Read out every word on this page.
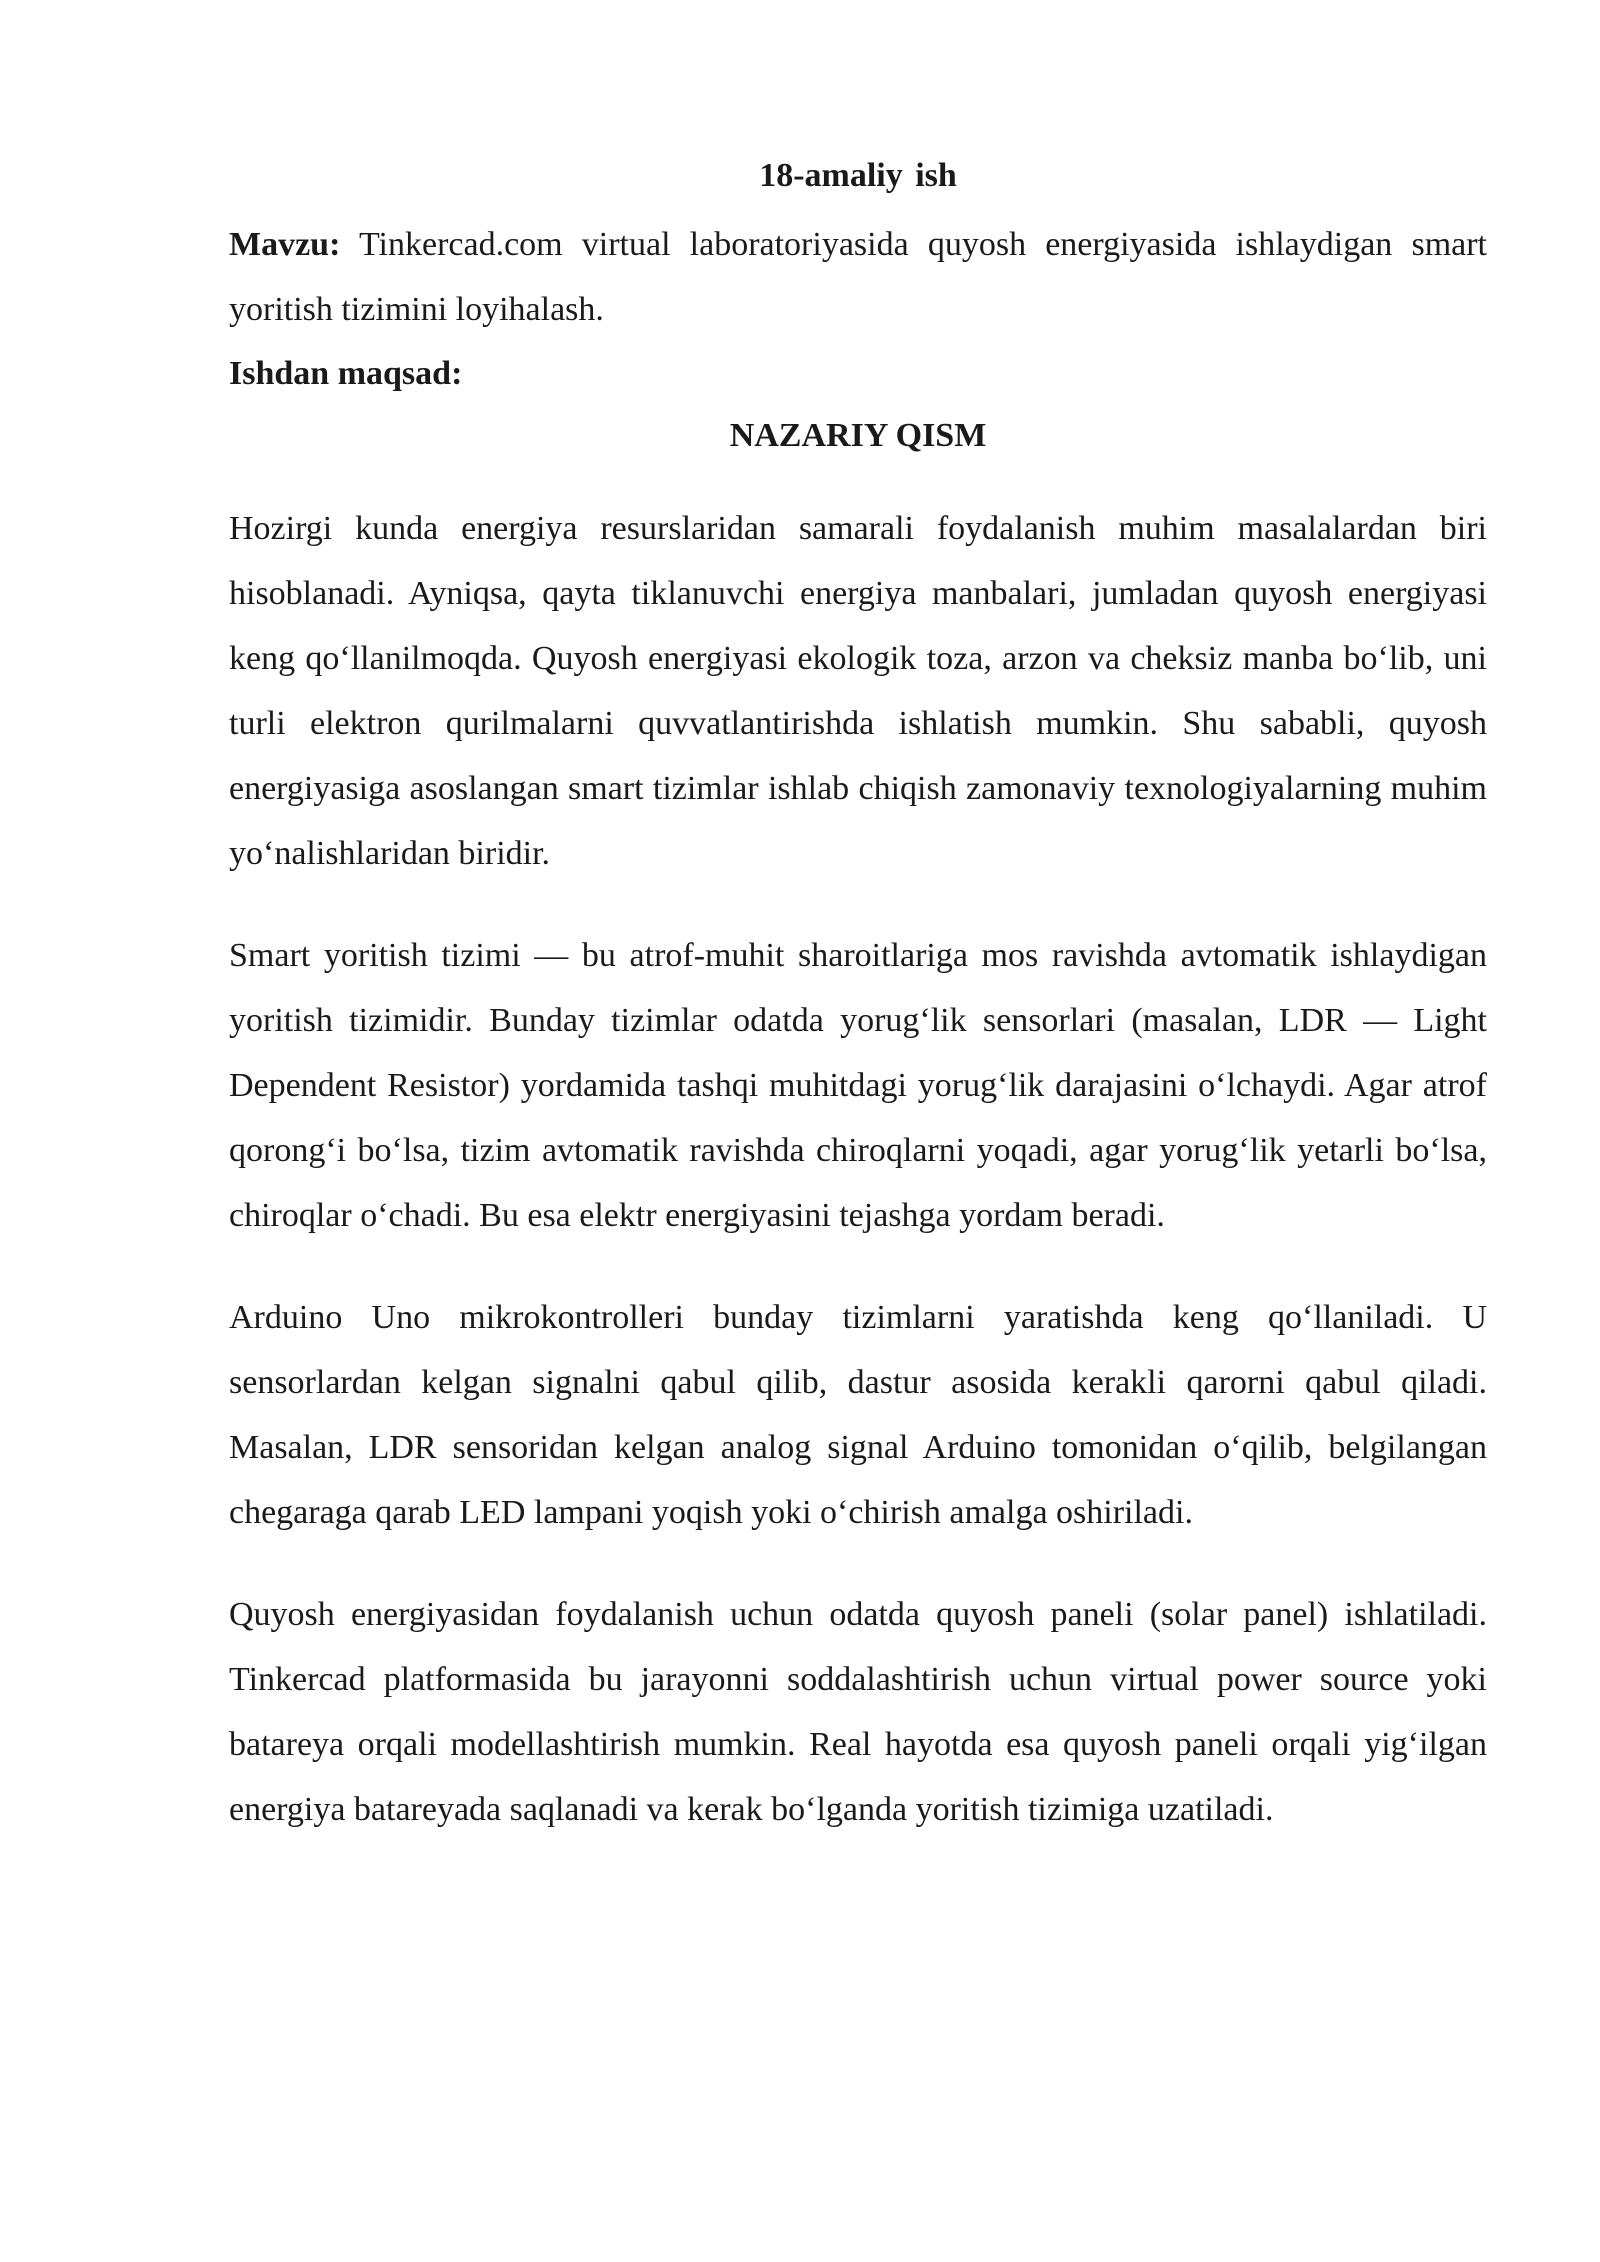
18-amaliy ish

Mavzu: Tinkercad.com virtual laboratoriyasida quyosh energiyasida ishlaydigan smart yoritish tizimini loyihalash.

Ishdan maqsad:
NAZARIY QISM

Hozirgi kunda energiya resurslaridan samarali foydalanish muhim masalalardan biri hisoblanadi. Ayniqsa, qayta tiklanuvchi energiya manbalari, jumladan quyosh energiyasi keng qo‘llanilmoqda. Quyosh energiyasi ekologik toza, arzon va cheksiz manba bo‘lib, uni turli elektron qurilmalarni quvvatlantirishda ishlatish mumkin. Shu sababli, quyosh energiyasiga asoslangan smart tizimlar ishlab chiqish zamonaviy texnologiyalarning muhim yo‘nalishlaridan biridir.

Smart yoritish tizimi — bu atrof-muhit sharoitlariga mos ravishda avtomatik ishlaydigan yoritish tizimidir. Bunday tizimlar odatda yorug‘lik sensorlari (masalan, LDR — Light Dependent Resistor) yordamida tashqi muhitdagi yorug‘lik darajasini o‘lchaydi. Agar atrof qorong‘i bo‘lsa, tizim avtomatik ravishda chiroqlarni yoqadi, agar yorug‘lik yetarli bo‘lsa, chiroqlar o‘chadi. Bu esa elektr energiyasini tejashga yordam beradi.

Arduino Uno mikrokontrolleri bunday tizimlarni yaratishda keng qo‘llaniladi. U sensorlardan kelgan signalni qabul qilib, dastur asosida kerakli qarorni qabul qiladi. Masalan, LDR sensoridan kelgan analog signal Arduino tomonidan o‘qilib, belgilangan chegaraga qarab LED lampani yoqish yoki o‘chirish amalga oshiriladi.

Quyosh energiyasidan foydalanish uchun odatda quyosh paneli (solar panel) ishlatiladi. Tinkercad platformasida bu jarayonni soddalashtirish uchun virtual power source yoki batareya orqali modellashtirish mumkin. Real hayotda esa quyosh paneli orqali yig‘ilgan energiya batareyada saqlanadi va kerak bo‘lganda yoritish tizimiga uzatiladi.
